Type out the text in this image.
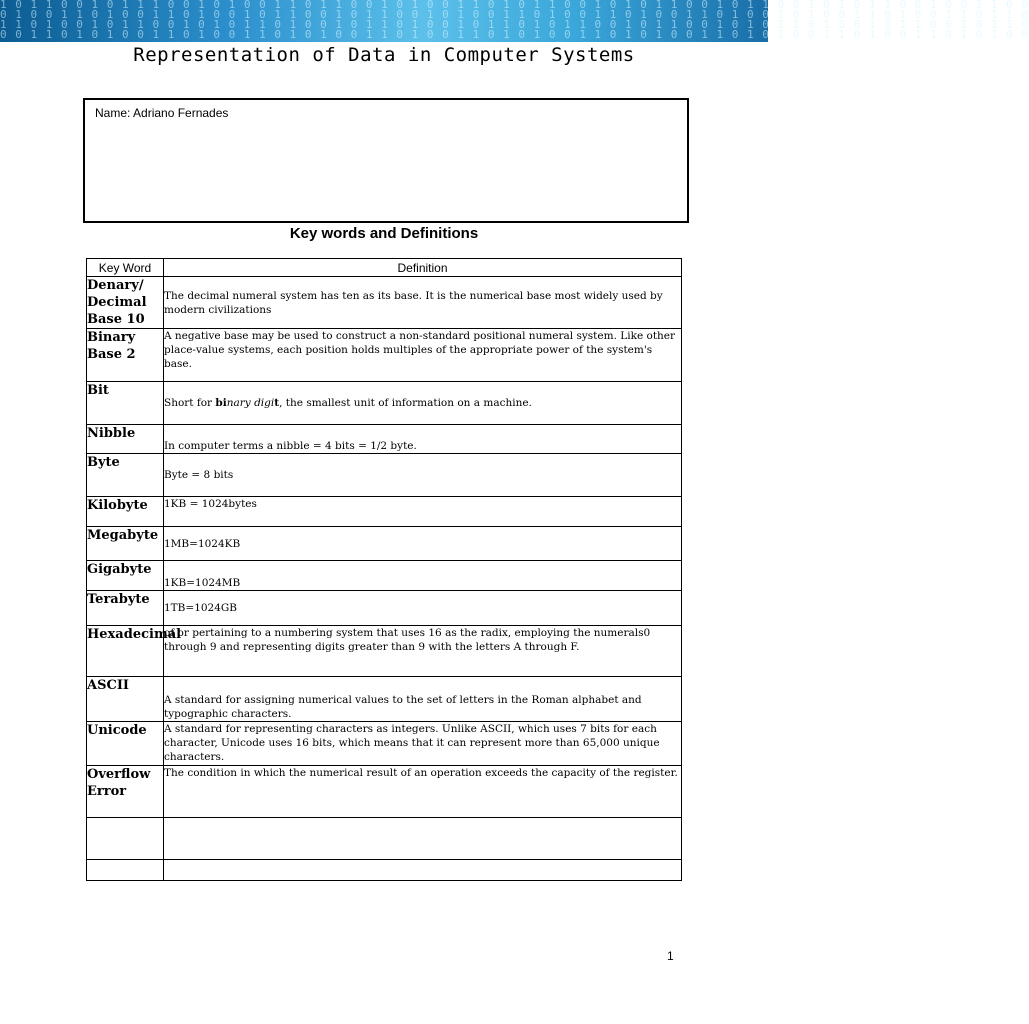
1 0 1 1 0 0 1 0 1 1 1 0 0 1 0 1 0 0 1 1 0 1 1 0 0 1 0 1 0 0 1 1 0 1 0 1 1 0 0 1 0 1 0 1 1 0 0 1 0 1 1 0 0 1 0 1 0 1 1 0 0 1 0 0 1 1 0 0
0 1 0 0 1 1 0 1 0 0 1 1 0 1 0 0 1 0 1 1 0 0 1 0 1 1 0 0 1 0 1 0 0 1 1 0 1 0 0 1 1 0 1 0 0 1 1 0 1 0 0 1 0 1 0 0 1 1 0 1 0 0 1 1 0 1 1 0
1 1 0 1 0 0 1 0 1 1 0 0 1 0 1 0 1 1 0 1 0 0 1 0 1 1 0 1 0 0 1 0 1 1 0 1 0 1 1 0 0 1 0 1 1 0 0 1 0 1 0 1 1 0 1 0 0 1 0 1 1 0 0 1 0 1 1 0
0 0 1 1 0 1 0 1 0 0 1 1 0 1 0 0 1 1 0 1 0 1 0 0 1 1 0 1 0 0 1 1 0 1 0 1 0 0 1 1 0 1 0 1 0 0 1 1 0 1 0 1 0 0 1 1 0 1 0 0 1 1 0 1 0 1 0 0
Representation of Data in Computer Systems
Name: Adriano Fernades
Key words and Definitions
Key Word	Definition
Denary/ Decimal Base 10	The decimal numeral system has ten as its base. It is the numerical base most widely used by modern civilizations
Binary Base 2	A negative base may be used to construct a non-standard positional numeral system. Like other place-value systems, each position holds multiples of the appropriate power of the system's base.
Bit	Short for binary digit, the smallest unit of information on a machine.
Nibble	In computer terms a nibble = 4 bits = 1/2 byte.
Byte	Byte = 8 bits
Kilobyte	1KB = 1024bytes
Megabyte	1MB=1024KB
Gigabyte	1KB=1024MB
Terabyte	1TB=1024GB
Hexadecimal	of or pertaining to a numbering system that uses 16 as the radix, employing the numerals0 through 9 and representing digits greater than 9 with the letters A through F.
ASCII	A standard for assigning numerical values to the set of letters in the Roman alphabet and typographic characters.
Unicode	A standard for representing characters as integers. Unlike ASCII, which uses 7 bits for each character, Unicode uses 16 bits, which means that it can represent more than 65,000 unique characters.
Overflow Error	The condition in which the numerical result of an operation exceeds the capacity of the register.

1
